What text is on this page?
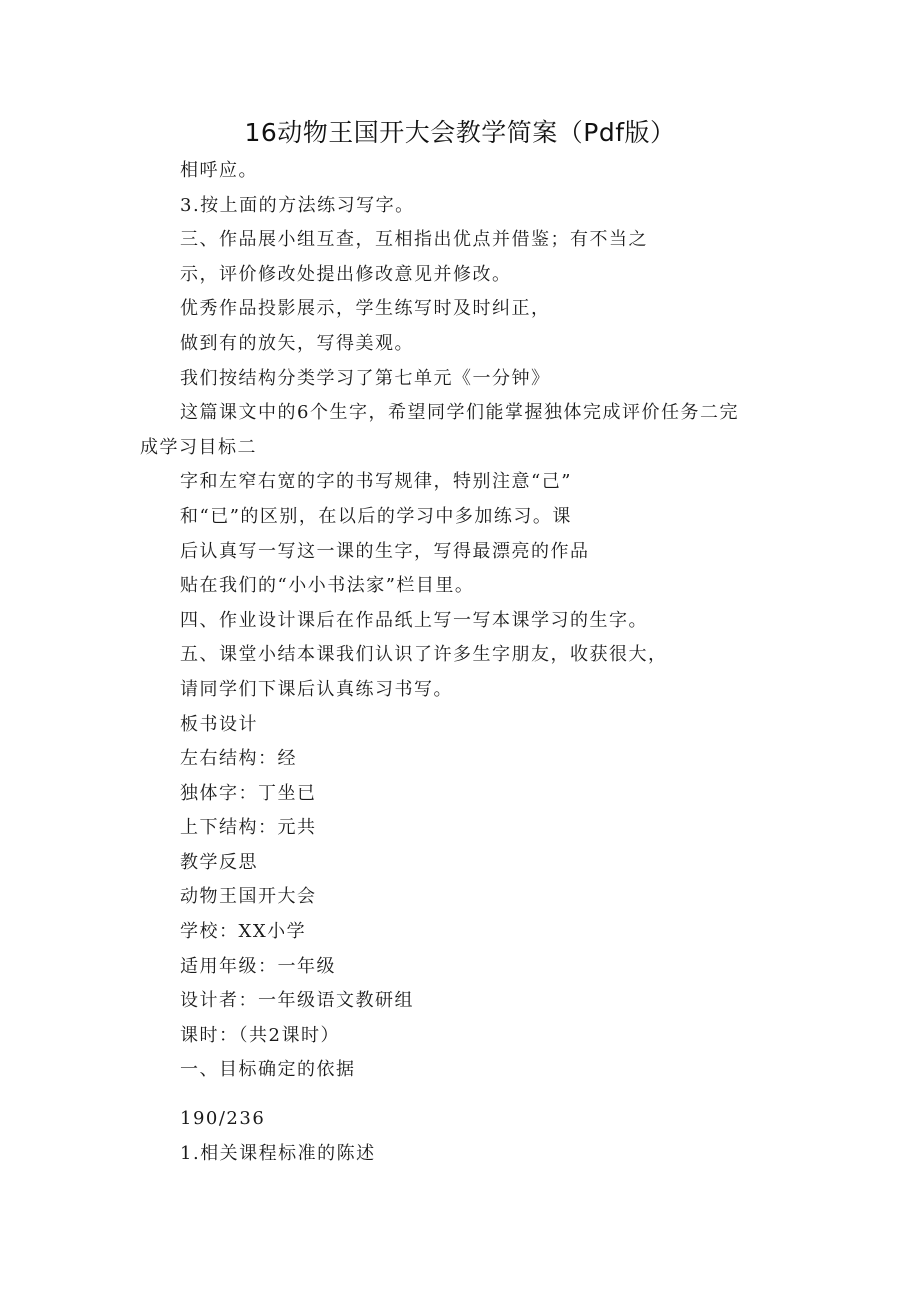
16动物王国开大会教学简案（Pdf版）
相呼应。
3.按上面的方法练习写字。
三、作品展小组互查，互相指出优点并借鉴；有不当之
示，评价修改处提出修改意见并修改。
优秀作品投影展示，学生练写时及时纠正，
做到有的放矢，写得美观。
我们按结构分类学习了第七单元《一分钟》
这篇课文中的6个生字，希望同学们能掌握独体完成评价任务二完
成学习目标二
字和左窄右宽的字的书写规律，特别注意“己”
和“已”的区别，在以后的学习中多加练习。课
后认真写一写这一课的生字，写得最漂亮的作品
贴在我们的“小小书法家”栏目里。
四、作业设计课后在作品纸上写一写本课学习的生字。
五、课堂小结本课我们认识了许多生字朋友，收获很大，
请同学们下课后认真练习书写。
板书设计
左右结构：经
独体字：丁坐已
上下结构：元共
教学反思
动物王国开大会
学校：XX小学
适用年级：一年级
设计者：一年级语文教研组
课时：（共2课时）
一、目标确定的依据
190/236
1.相关课程标准的陈述
